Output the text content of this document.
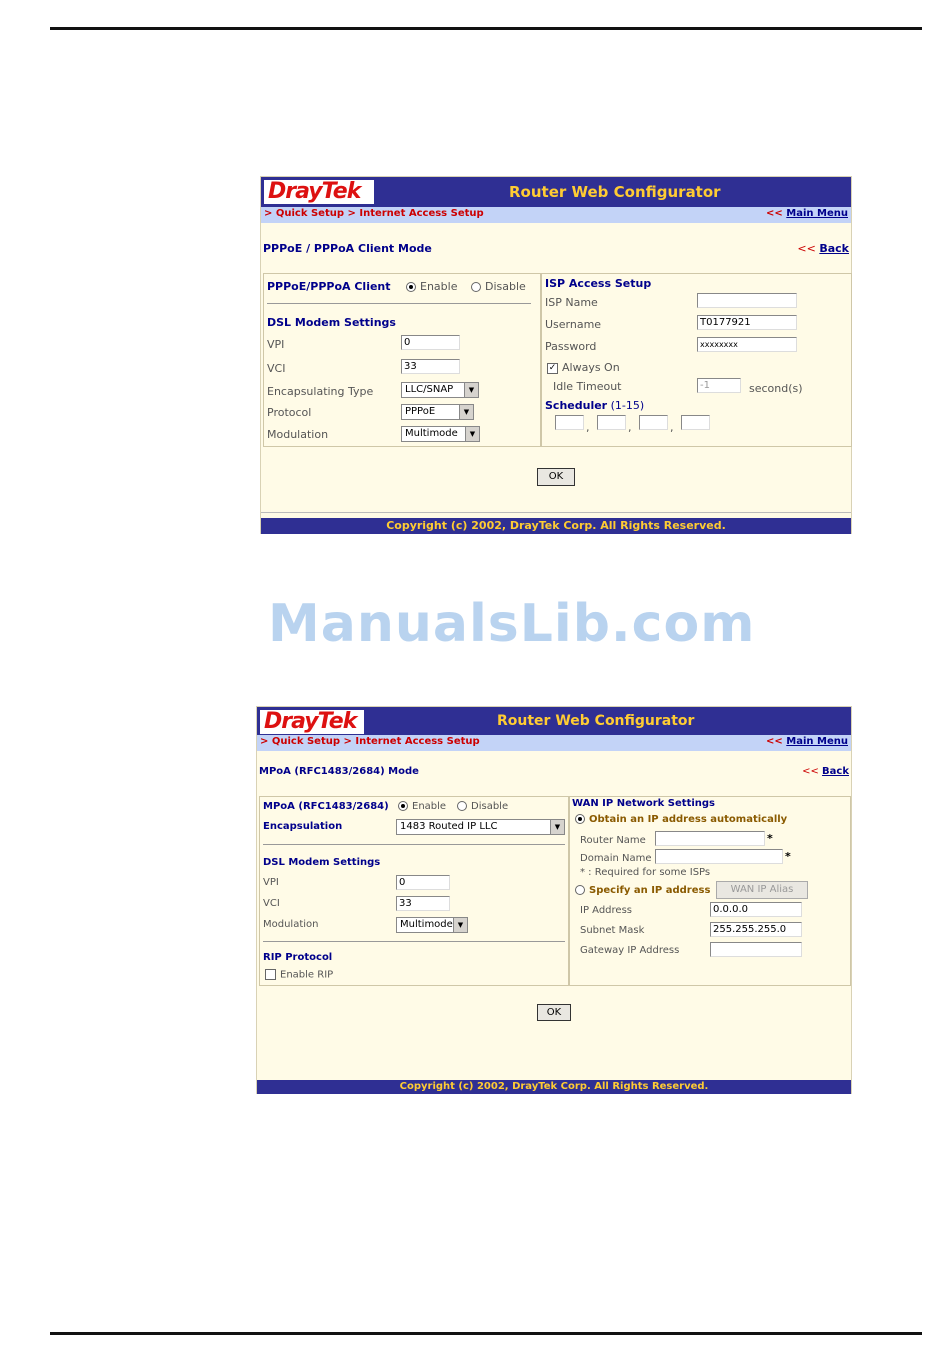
DrayTek	Router Web Configurator
> Quick Setup > Internet Access Setup	<< Main Menu
PPPoE / PPPoA Client Mode	<< Back
PPPoE/PPPoA Client	Enable	Disable
DSL Modem Settings
VPI	0
VCI	33
Encapsulating Type	LLC/SNAP	▼
Protocol	PPPoE	▼
Modulation	Multimode	▼
ISP Access Setup
ISP Name
Username	T0177921
Password	xxxxxxxx
✓ Always On
Idle Timeout	-1	second(s)
Scheduler (1-15)
,	,	,
OK
Copyright (c) 2002, DrayTek Corp. All Rights Reserved.
ManualsLib.com
DrayTek	Router Web Configurator
> Quick Setup > Internet Access Setup	<< Main Menu
MPoA (RFC1483/2684) Mode	<< Back
MPoA (RFC1483/2684)	Enable	Disable
Encapsulation	1483 Routed IP LLC	▼
DSL Modem Settings
VPI	0
VCI	33
Modulation	Multimode ▼
RIP Protocol
Enable RIP
WAN IP Network Settings
Obtain an IP address automatically
Router Name	*
Domain Name	*
* : Required for some ISPs
Specify an IP address	WAN IP Alias
IP Address	0.0.0.0
Subnet Mask	255.255.255.0
Gateway IP Address
OK
Copyright (c) 2002, DrayTek Corp. All Rights Reserved.
